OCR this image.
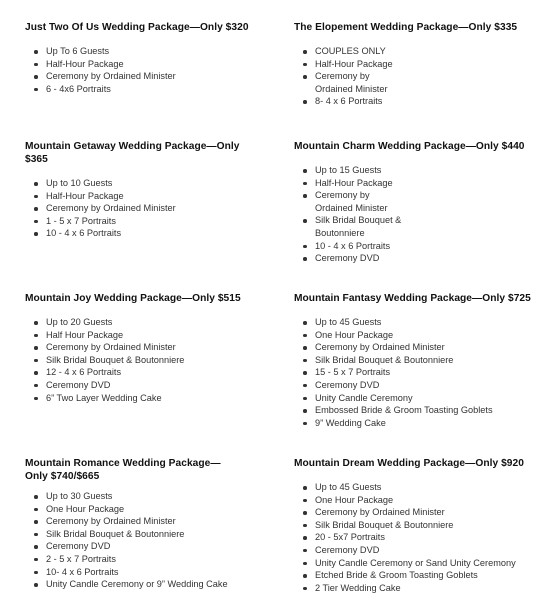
Just Two Of Us Wedding Package—Only $320
Up To 6 Guests
Half-Hour Package
Ceremony by Ordained Minister
6 - 4x6 Portraits
The Elopement Wedding Package—Only $335
COUPLES ONLY
Half-Hour Package
Ceremony by Ordained Minister
8- 4 x 6 Portraits
Mountain Getaway Wedding Package—Only $365
Up to 10 Guests
Half-Hour Package
Ceremony by Ordained Minister
1 - 5 x 7 Portraits
10 - 4 x 6 Portraits
Mountain Charm Wedding Package—Only $440
Up to 15 Guests
Half-Hour Package
Ceremony by Ordained Minister
Silk Bridal Bouquet & Boutonniere
10 - 4 x 6 Portraits
Ceremony DVD
Mountain Joy Wedding Package—Only $515
Up to 20 Guests
Half Hour Package
Ceremony by Ordained Minister
Silk Bridal Bouquet & Boutonniere
12 - 4 x 6 Portraits
Ceremony DVD
6” Two Layer Wedding Cake
Mountain Fantasy Wedding Package—Only $725
Up to 45 Guests
One Hour Package
Ceremony by Ordained Minister
Silk Bridal Bouquet & Boutonniere
15 - 5 x 7 Portraits
Ceremony DVD
Unity Candle Ceremony
Embossed Bride & Groom Toasting Goblets
9” Wedding Cake
Mountain Romance Wedding Package—
Only $740/$665
Up to 30 Guests
One Hour Package
Ceremony by Ordained Minister
Silk Bridal Bouquet & Boutonniere
Ceremony DVD
2 - 5 x 7 Portraits
10- 4 x 6 Portraits
Unity Candle Ceremony or 9” Wedding Cake
Mountain Dream Wedding Package—Only $920
Up to 45 Guests
One Hour Package
Ceremony by Ordained Minister
Silk Bridal Bouquet & Boutonniere
20 - 5x7 Portraits
Ceremony DVD
Unity Candle Ceremony or Sand Unity Ceremony
Etched Bride & Groom Toasting Goblets
2 Tier Wedding Cake
